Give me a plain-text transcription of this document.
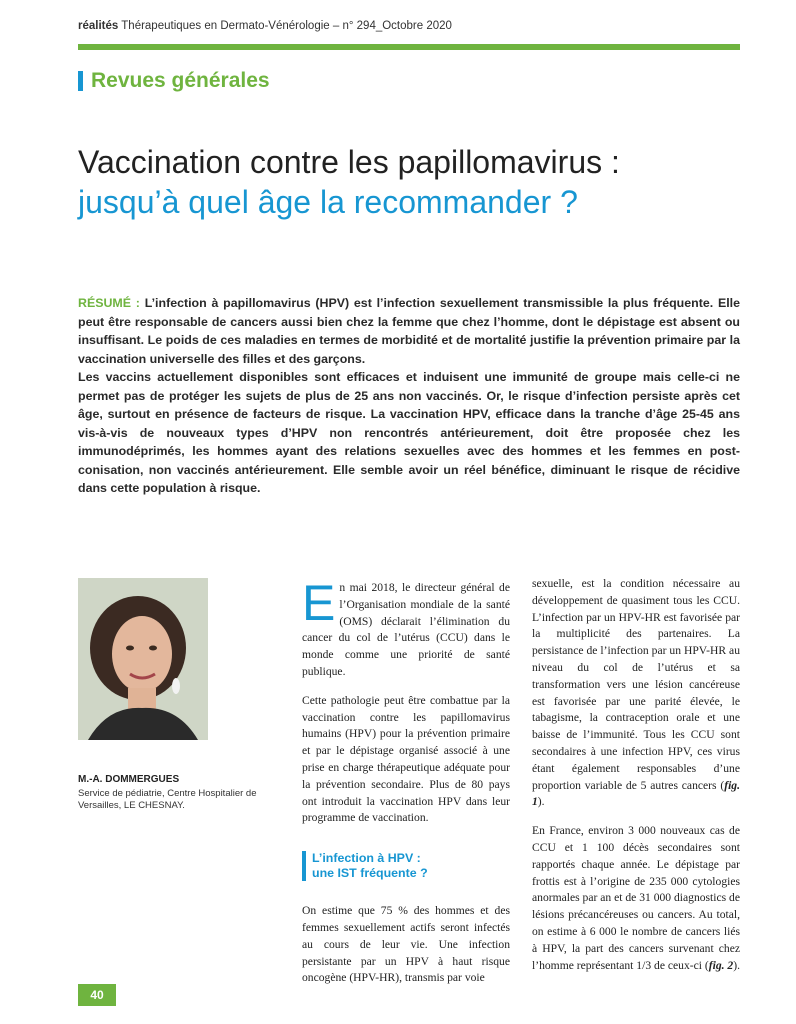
réalités Thérapeutiques en Dermato-Vénérologie – n° 294_Octobre 2020
Revues générales
Vaccination contre les papillomavirus :
jusqu’à quel âge la recommander ?

RÉSUMÉ : L’infection à papillomavirus (HPV) est l’infection sexuellement transmissible la plus fréquente. Elle peut être responsable de cancers aussi bien chez la femme que chez l’homme, dont le dépistage est absent ou insuffisant. Le poids de ces maladies en termes de morbidité et de mortalité justifie la prévention primaire par la vaccination universelle des filles et des garçons.

Les vaccins actuellement disponibles sont efficaces et induisent une immunité de groupe mais celle-ci ne permet pas de protéger les sujets de plus de 25 ans non vaccinés. Or, le risque d’infection persiste après cet âge, surtout en présence de facteurs de risque. La vaccination HPV, efficace dans la tranche d’âge 25-45 ans vis-à-vis de nouveaux types d’HPV non rencontrés antérieurement, doit être proposée chez les immunodéprimés, les hommes ayant des relations sexuelles avec des hommes et les femmes en post-conisation, non vaccinés antérieurement. Elle semble avoir un réel bénéfice, diminuant le risque de récidive dans cette population à risque.

M.-A. DOMMERGUES
Service de pédiatrie, Centre Hospitalier de Versailles, LE CHESNAY.

En mai 2018, le directeur général de l’Organisation mondiale de la santé (OMS) déclarait l’élimination du cancer du col de l’utérus (CCU) dans le monde comme une priorité de santé publique.

Cette pathologie peut être combattue par la vaccination contre les papillomavirus humains (HPV) pour la prévention primaire et par le dépistage organisé associé à une prise en charge thérapeutique adéquate pour la prévention secondaire. Plus de 80 pays ont introduit la vaccination HPV dans leur programme de vaccination.

L’infection à HPV :
une IST fréquente ?

On estime que 75 % des hommes et des femmes sexuellement actifs seront infectés au cours de leur vie. Une infection persistante par un HPV à haut risque oncogène (HPV-HR), transmis par voie

sexuelle, est la condition nécessaire au développement de quasiment tous les CCU. L’infection par un HPV-HR est favorisée par la multiplicité des partenaires. La persistance de l’infection par un HPV-HR au niveau du col de l’utérus et sa transformation vers une lésion cancéreuse est favorisée par une parité élevée, le tabagisme, la contraception orale et une baisse de l’immunité. Tous les CCU sont secondaires à une infection HPV, ces virus étant également responsables d’une proportion variable de 5 autres cancers (fig. 1).

En France, environ 3 000 nouveaux cas de CCU et 1 100 décès secondaires sont rapportés chaque année. Le dépistage par frottis est à l’origine de 235 000 cytologies anormales par an et de 31 000 diagnostics de lésions précancéreuses ou cancers. Au total, on estime à 6 000 le nombre de cancers liés à HPV, la part des cancers survenant chez l’homme représentant 1/3 de ceux-ci (fig. 2).

40
